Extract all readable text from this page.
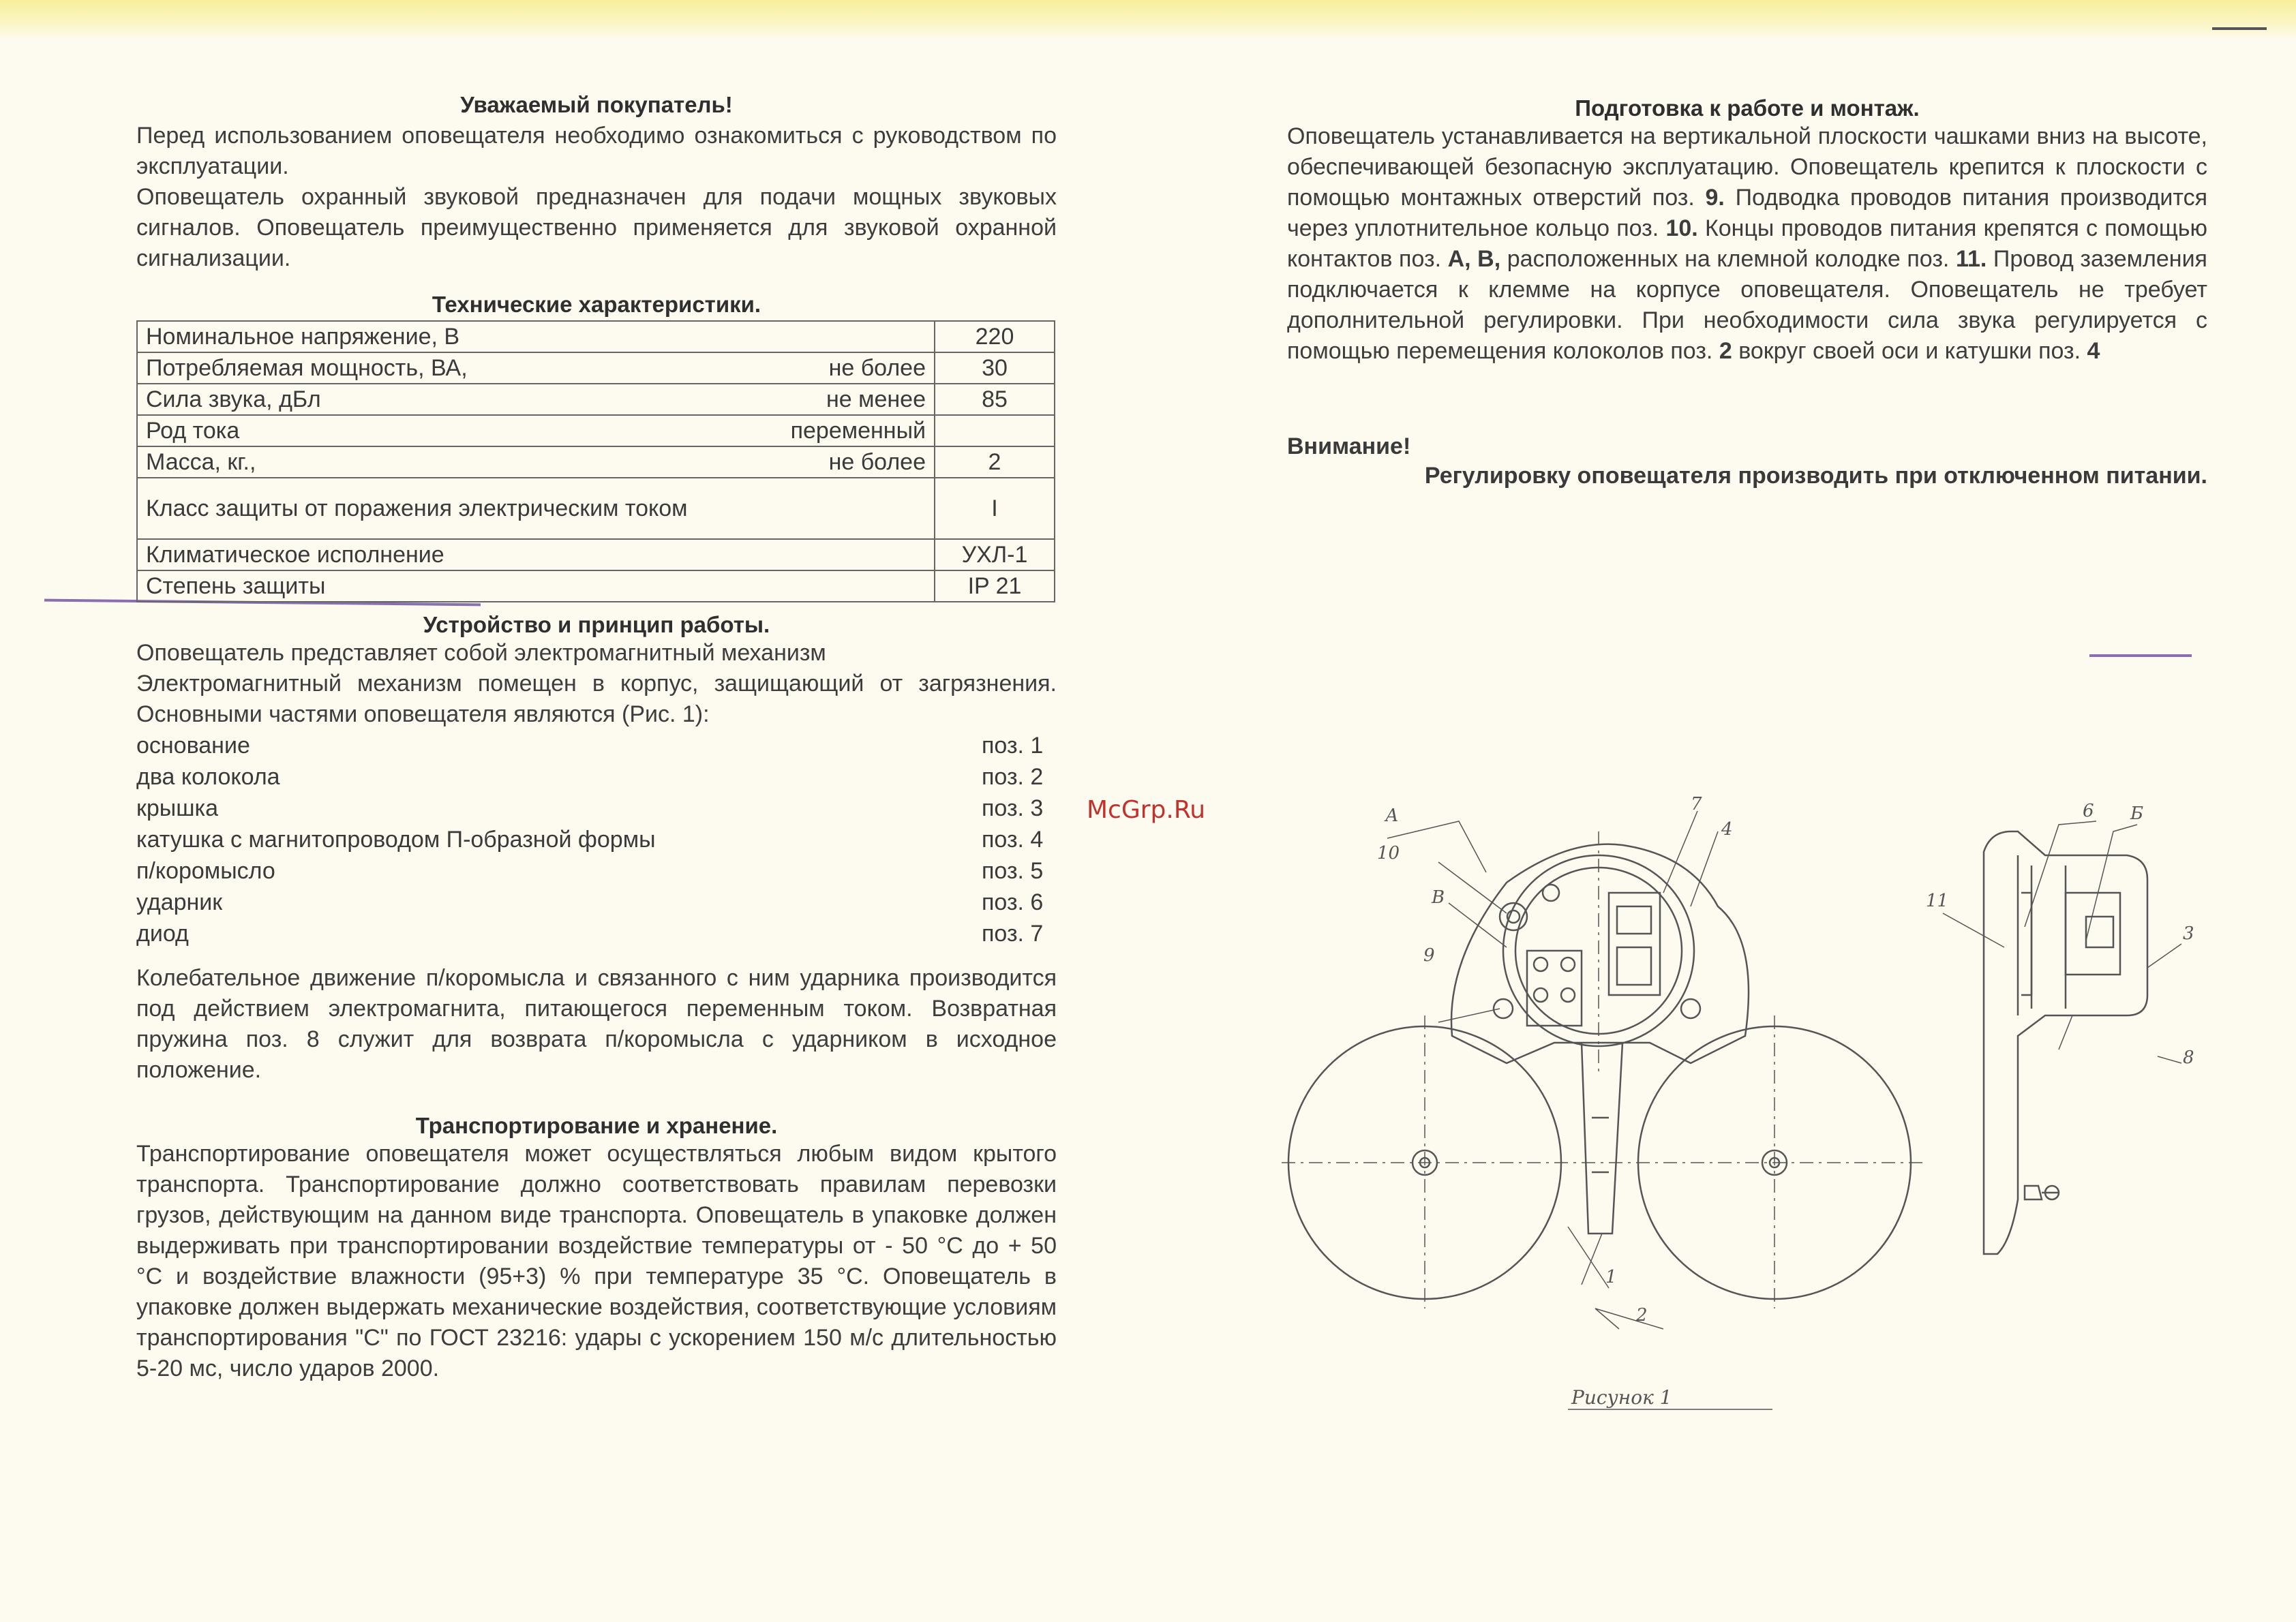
Уважаемый покупатель!

Перед использованием оповещателя необходимо ознакомиться с руководством по эксплуатации.

Оповещатель охранный звуковой предназначен для подачи мощных звуковых сигналов. Оповещатель преимущественно применяется для звуковой охранной сигнализации.

Технические характеристики.

Номинальное напряжение, В		220
Потребляемая мощность, ВА,	не более	30
Сила звука, дБл	не менее	85
Род тока	переменный	
Масса, кг.,	не более	2
Класс защиты от поражения электрическим током		I
Климатическое исполнение		УХЛ-1
Степень защиты		IP 21

Устройство и принцип работы.

Оповещатель представляет собой электромагнитный механизм

Электромагнитный механизм помещен в корпус, защищающий от загрязнения. Основными частями оповещателя являются (Рис. 1):

основание	поз. 1
два колокола	поз. 2
крышка	поз. 3
катушка с магнитопроводом П-образной формы	поз. 4
п/коромысло	поз. 5
ударник	поз. 6
диод	поз. 7

Колебательное движение п/коромысла и связанного с ним ударника производится под действием электромагнита, питающегося переменным током. Возвратная пружина поз. 8 служит для возврата п/коромысла с ударником в исходное положение.

Транспортирование и хранение.

Транспортирование оповещателя может осуществляться любым видом крытого транспорта. Транспортирование должно соответствовать правилам перевозки грузов, действующим на данном виде транспорта. Оповещатель в упаковке должен выдерживать при транспортировании воздействие температуры от - 50 °С до + 50 °С и воздействие влажности (95+3) % при температуре 35 °С. Оповещатель в упаковке должен выдержать механические воздействия, соответствующие условиям транспортирования "С" по ГОСТ 23216: удары с ускорением 150 м/с длительностью 5-20 мс, число ударов 2000.

Подготовка к работе и монтаж.

Оповещатель устанавливается на вертикальной плоскости чашками вниз на высоте, обеспечивающей безопасную эксплуатацию. Оповещатель крепится к плоскости с помощью монтажных отверстий поз. 9. Подводка проводов питания производится через уплотнительное кольцо поз. 10. Концы проводов питания крепятся с помощью контактов поз. А, В, расположенных на клемной колодке поз. 11. Провод заземления подключается к клемме на корпусе оповещателя. Оповещатель не требует дополнительной регулировки. При необходимости сила звука регулируется с помощью перемещения колоколов поз. 2 вокруг своей оси и катушки поз. 4

Внимание!

Регулировку оповещателя производить при отключенном питании.

McGrp.Ru	А
7
10
4
В
9
1
2
6 Б
11
3
8
Рисунок 1
